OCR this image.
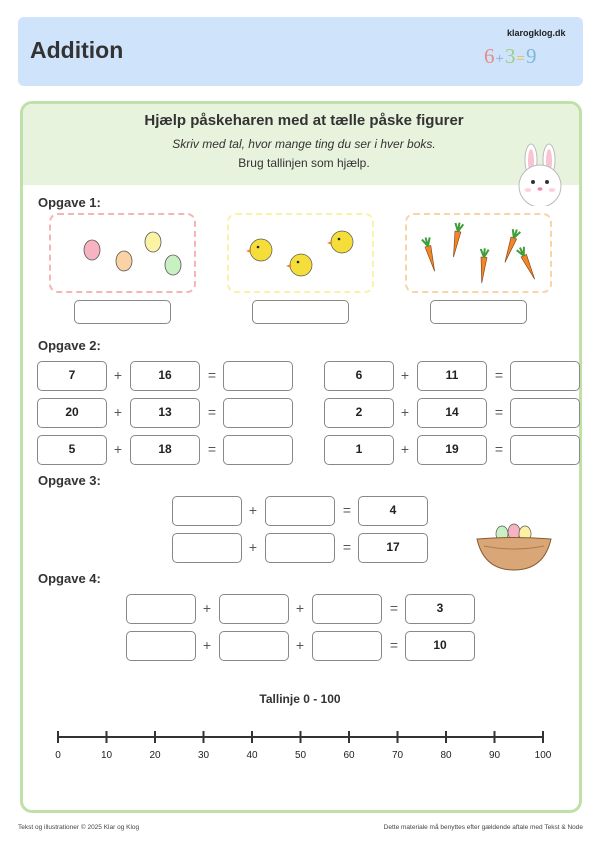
Addition
klarogklog.dk
6+3=9
Hjælp påskeharen med at tælle påske figurer
Skriv med tal, hvor mange ting du ser i hver boks.
Brug tallinjen som hjælp.
Opgave 1:
Opgave 2:
7	+	16	=
20	+	13	=
5	+	18	=
6	+	11	=
2	+	14	=
1	+	19	=
Opgave 3:
+	=	4
+	=	17
Opgave 4:
+	+	=	3
+	+	=	10
Tallinje 0 - 100
0	10	20	30	40	50	60	70	80	90	100
Tekst og illustrationer © 2025 Klar og Klog	Dette materiale må benyttes efter gældende aftale med Tekst & Node
